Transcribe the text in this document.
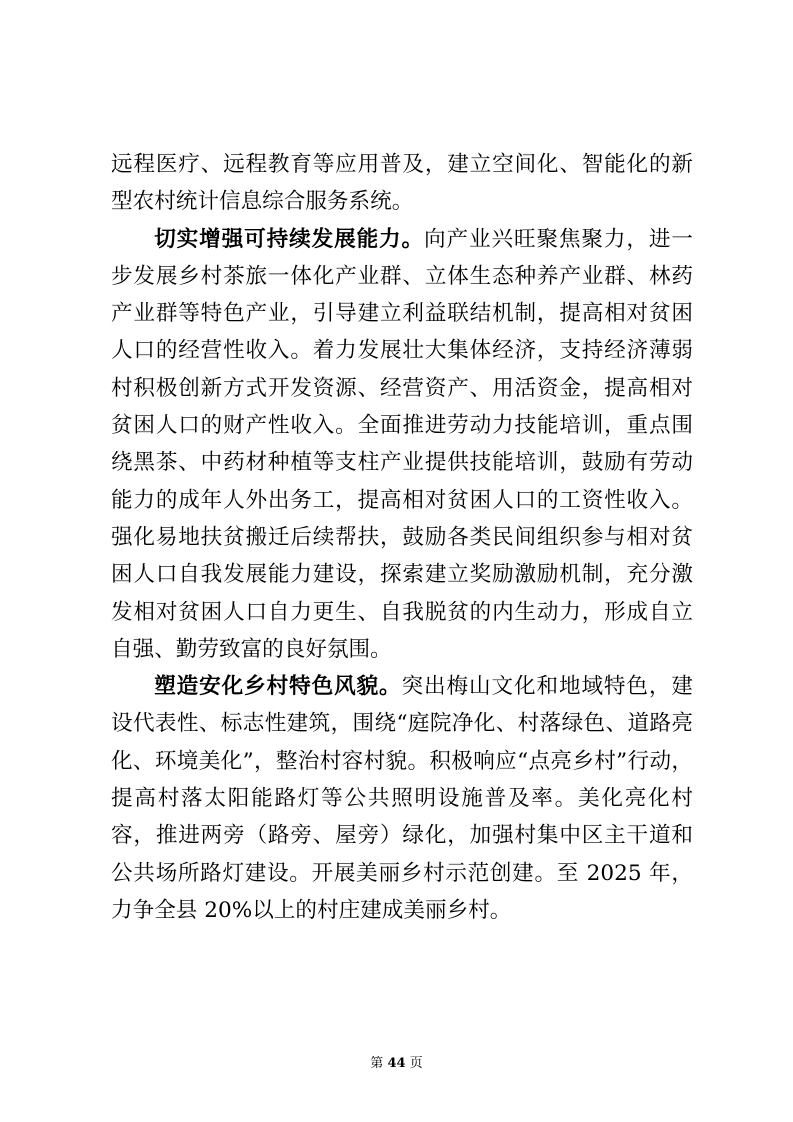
远程医疗、远程教育等应用普及，建立空间化、智能化的新型农村统计信息综合服务系统。

切实增强可持续发展能力。向产业兴旺聚焦聚力，进一步发展乡村茶旅一体化产业群、立体生态种养产业群、林药产业群等特色产业，引导建立利益联结机制，提高相对贫困人口的经营性收入。着力发展壮大集体经济，支持经济薄弱村积极创新方式开发资源、经营资产、用活资金，提高相对贫困人口的财产性收入。全面推进劳动力技能培训，重点围绕黑茶、中药材种植等支柱产业提供技能培训，鼓励有劳动能力的成年人外出务工，提高相对贫困人口的工资性收入。强化易地扶贫搬迁后续帮扶，鼓励各类民间组织参与相对贫困人口自我发展能力建设，探索建立奖励激励机制，充分激发相对贫困人口自力更生、自我脱贫的内生动力，形成自立自强、勤劳致富的良好氛围。

塑造安化乡村特色风貌。突出梅山文化和地域特色，建设代表性、标志性建筑，围绕“庭院净化、村落绿色、道路亮化、环境美化”，整治村容村貌。积极响应“点亮乡村”行动，提高村落太阳能路灯等公共照明设施普及率。美化亮化村容，推进两旁（路旁、屋旁）绿化，加强村集中区主干道和公共场所路灯建设。开展美丽乡村示范创建。至 2025 年，力争全县 20%以上的村庄建成美丽乡村。

第 44 页
